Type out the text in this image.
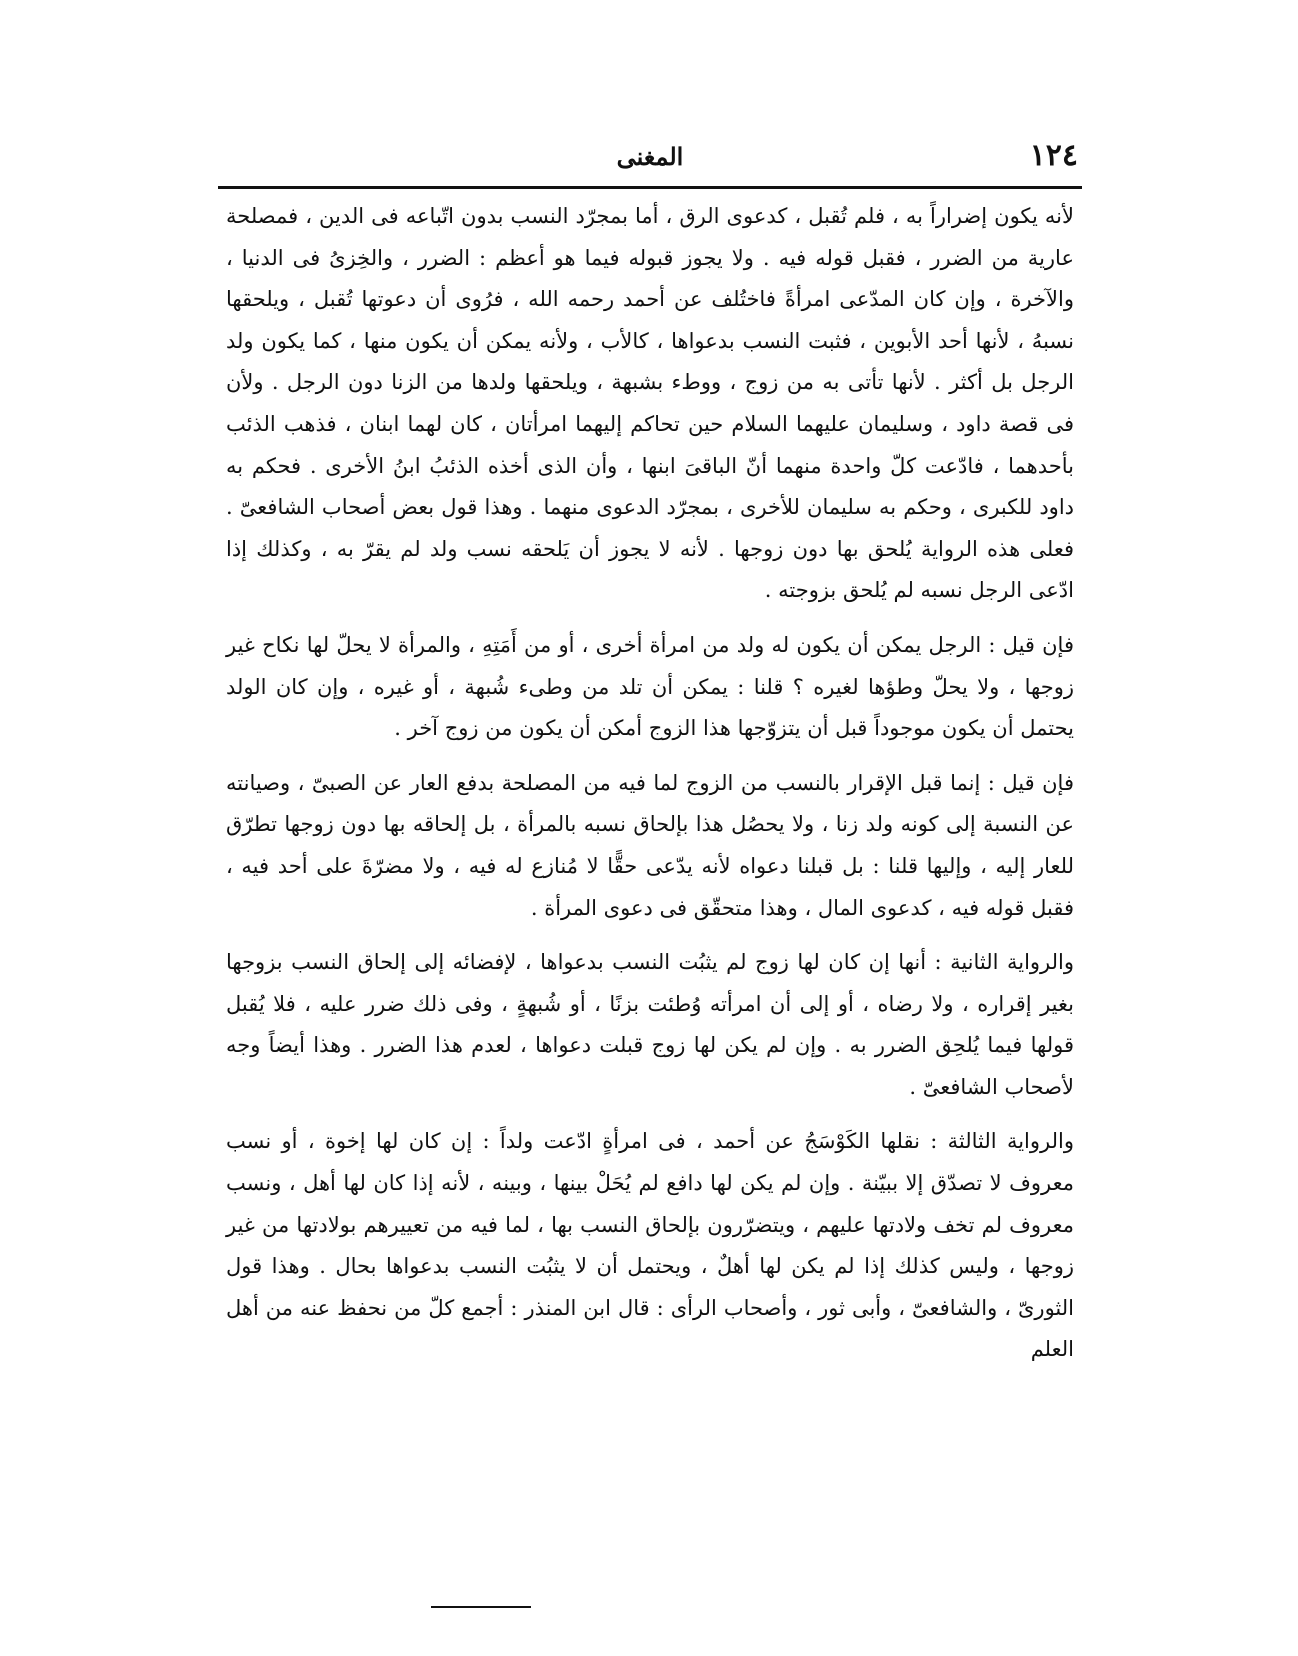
١٢٤
المغنى

لأنه يكون إضراراً به ، فلم تُقبل ، كدعوى الرق ، أما بمجرّد النسب بدون اتّباعه فى الدين ، فمصلحة عارية من الضرر ، فقبل قوله فيه . ولا يجوز قبوله فيما هو أعظم : الضرر ، والخِزىُ فى الدنيا ، والآخرة ، وإن كان المدّعى امرأةً فاختُلف عن أحمد رحمه الله ، فرُوى أن دعوتها تُقبل ، ويلحقها نسبهُ ، لأنها أحد الأبوين ، فثبت النسب بدعواها ، كالأب ، ولأنه يمكن أن يكون منها ، كما يكون ولد الرجل بل أكثر . لأنها تأتى به من زوج ، ووطء بشبهة ، ويلحقها ولدها من الزنا دون الرجل . ولأن فى قصة داود ، وسليمان عليهما السلام حين تحاكم إليهما امرأتان ، كان لهما ابنان ، فذهب الذئب بأحدهما ، فادّعت كلّ واحدة منهما أنّ الباقىَ ابنها ، وأن الذى أخذه الذئبُ ابنُ الأخرى . فحكم به داود للكبرى ، وحكم به سليمان للأخرى ، بمجرّد الدعوى منهما . وهذا قول بعض أصحاب الشافعىّ . فعلى هذه الرواية يُلحق بها دون زوجها . لأنه لا يجوز أن يَلحقه نسب ولد لم يقرّ به ، وكذلك إذا ادّعى الرجل نسبه لم يُلحق بزوجته .

فإن قيل : الرجل يمكن أن يكون له ولد من امرأة أخرى ، أو من أَمَتِهِ ، والمرأة لا يحلّ لها نكاح غير زوجها ، ولا يحلّ وطؤها لغيره ؟ قلنا : يمكن أن تلد من وطىء شُبهة ، أو غيره ، وإن كان الولد يحتمل أن يكون موجوداً قبل أن يتزوّجها هذا الزوج أمكن أن يكون من زوج آخر .

فإن قيل : إنما قبل الإقرار بالنسب من الزوج لما فيه من المصلحة بدفع العار عن الصبىّ ، وصيانته عن النسبة إلى كونه ولد زنا ، ولا يحصُل هذا بإلحاق نسبه بالمرأة ، بل إلحاقه بها دون زوجها تطرّق للعار إليه ، وإليها قلنا : بل قبلنا دعواه لأنه يدّعى حقًّا لا مُنازع له فيه ، ولا مضرّةَ على أحد فيه ، فقبل قوله فيه ، كدعوى المال ، وهذا متحقّق فى دعوى المرأة .

والرواية الثانية : أنها إن كان لها زوج لم يثبُت النسب بدعواها ، لإفضائه إلى إلحاق النسب بزوجها بغير إقراره ، ولا رضاه ، أو إلى أن امرأته وُطئت بزنًا ، أو شُبهةٍ ، وفى ذلك ضرر عليه ، فلا يُقبل قولها فيما يُلحِق الضرر به . وإن لم يكن لها زوج قبلت دعواها ، لعدم هذا الضرر . وهذا أيضاً وجه لأصحاب الشافعىّ .

والرواية الثالثة : نقلها الكَوْسَجُ عن أحمد ، فى امرأةٍ ادّعت ولداً : إن كان لها إخوة ، أو نسب معروف لا تصدّق إلا ببيّنة . وإن لم يكن لها دافع لم يُحَلْ بينها ، وبينه ، لأنه إذا كان لها أهل ، ونسب معروف لم تخف ولادتها عليهم ، ويتضرّرون بإلحاق النسب بها ، لما فيه من تعييرهم بولادتها من غير زوجها ، وليس كذلك إذا لم يكن لها أهلٌ ، ويحتمل أن لا يثبُت النسب بدعواها بحال . وهذا قول الثورىّ ، والشافعىّ ، وأبى ثور ، وأصحاب الرأى : قال ابن المنذر : أجمع كلّ من نحفظ عنه من أهل العلم
